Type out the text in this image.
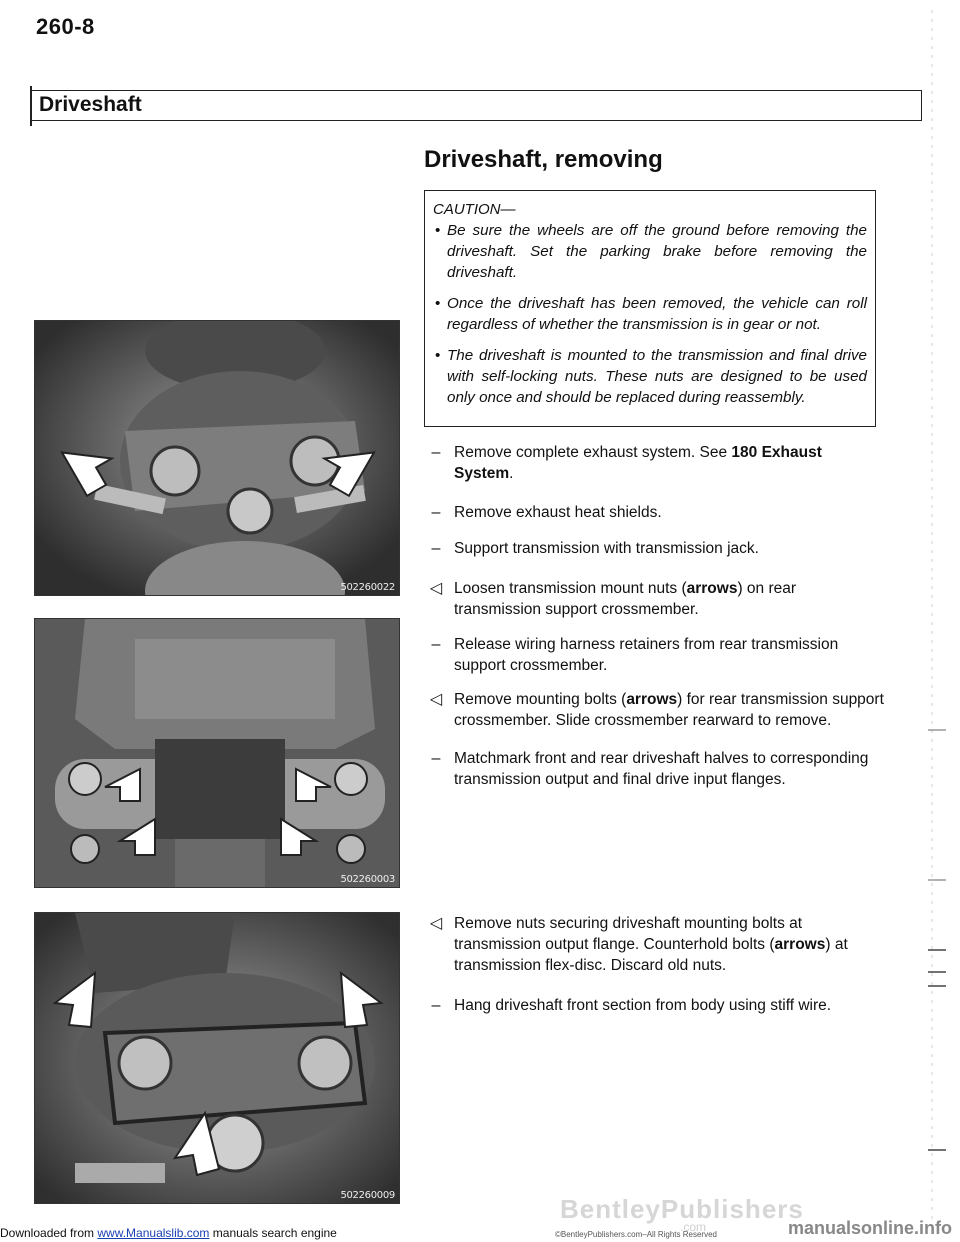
260-8
Driveshaft
Driveshaft, removing
CAUTION—
• Be sure the wheels are off the ground before removing the driveshaft. Set the parking brake before removing the driveshaft.
• Once the driveshaft has been removed, the vehicle can roll regardless of whether the transmission is in gear or not.
• The driveshaft is mounted to the transmission and final drive with self-locking nuts. These nuts are designed to be used only once and should be replaced during reassembly.
– Remove complete exhaust system. See 180 Exhaust System.
– Remove exhaust heat shields.
– Support transmission with transmission jack.
◁ Loosen transmission mount nuts (arrows) on rear transmission support crossmember.
– Release wiring harness retainers from rear transmission support crossmember.
◁ Remove mounting bolts (arrows) for rear transmission support crossmember. Slide crossmember rearward to remove.
– Matchmark front and rear driveshaft halves to corresponding transmission output and final drive input flanges.
◁ Remove nuts securing driveshaft mounting bolts at transmission output flange. Counterhold bolts (arrows) at transmission flex-disc. Discard old nuts.
– Hang driveshaft front section from body using stiff wire.
502260022
502260003
502260009	BentleyPublishers
.com
©BentleyPublishers.com–All Rights Reserved
Downloaded from www.Manualslib.com manuals search engine	manualsonline.info
